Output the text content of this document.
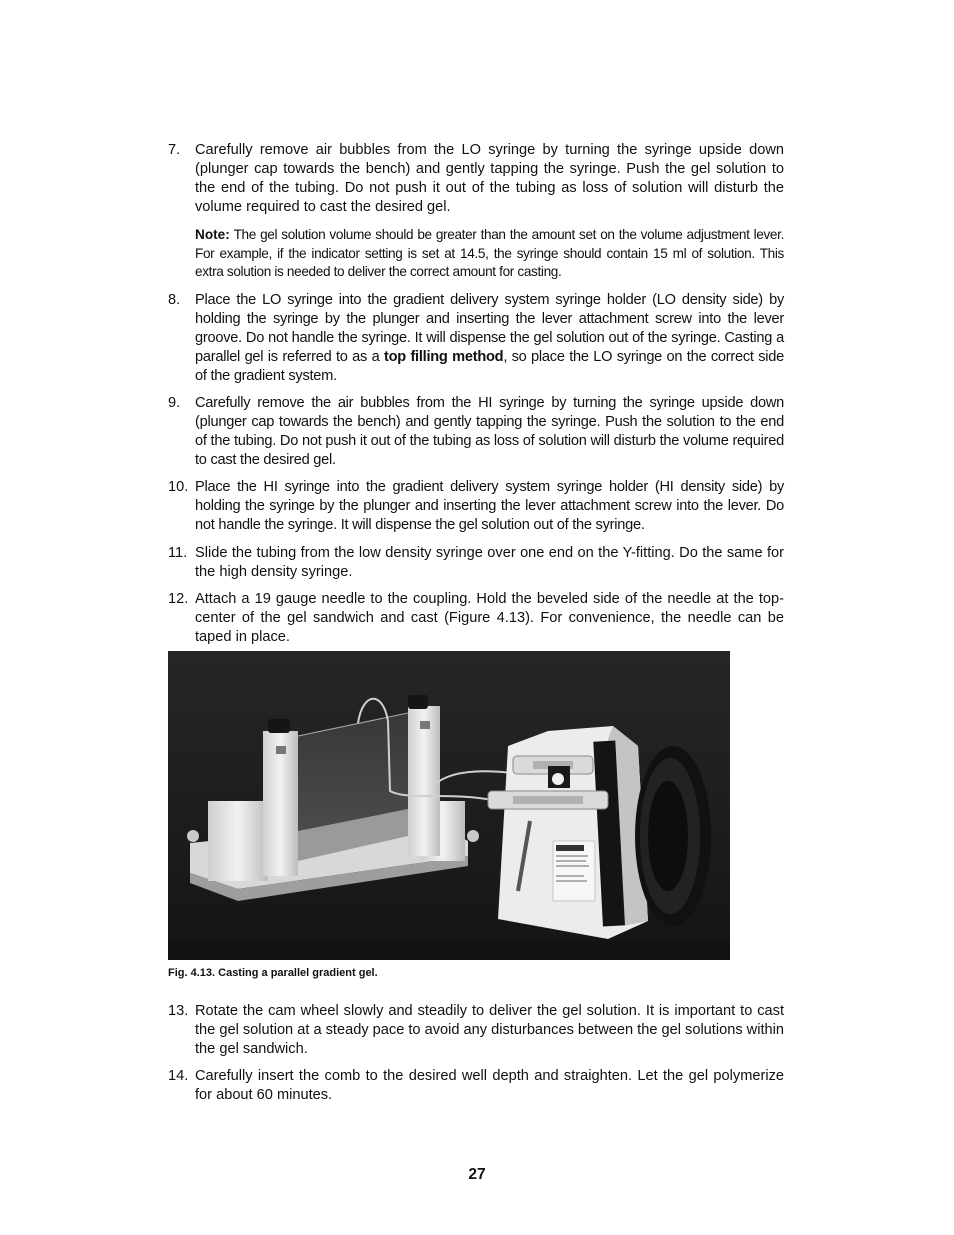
7.	Carefully remove air bubbles from the LO syringe by turning the syringe upside down (plunger cap towards the bench) and gently tapping the syringe. Push the gel solution to the end of the tubing. Do not push it out of the tubing as loss of solution will disturb the volume required to cast the desired gel.
Note: The gel solution volume should be greater than the amount set on the volume adjustment lever. For example, if the indicator setting is set at 14.5, the syringe should contain 15 ml of solution. This extra solution is needed to deliver the correct amount for casting.
8.	Place the LO syringe into the gradient delivery system syringe holder (LO density side) by holding the syringe by the plunger and inserting the lever attachment screw into the lever groove. Do not handle the syringe. It will dispense the gel solution out of the syringe. Casting a parallel gel is referred to as a top filling method, so place the LO syringe on the correct side of the gradient system.
9.	Carefully remove the air bubbles from the HI syringe by turning the syringe upside down (plunger cap towards the bench) and gently tapping the syringe. Push the solution to the end of the tubing. Do not push it out of the tubing as loss of solution will disturb the volume required to cast the desired gel.
10. Place the HI syringe into the gradient delivery system syringe holder (HI density side) by holding the syringe by the plunger and inserting the lever attachment screw into the lever. Do not handle the syringe. It will dispense the gel solution out of the syringe.
11. Slide the tubing from the low density syringe over one end on the Y-fitting. Do the same for the high density syringe.
12. Attach a 19 gauge needle to the coupling. Hold the beveled side of the needle at the top-center of the gel sandwich and cast (Figure 4.13). For convenience, the needle can be taped in place.
Fig. 4.13. Casting a parallel gradient gel.
13. Rotate the cam wheel slowly and steadily to deliver the gel solution. It is important to cast the gel solution at a steady pace to avoid any disturbances between the gel solutions within the gel sandwich.
14. Carefully insert the comb to the desired well depth and straighten. Let the gel polymerize for about 60 minutes.
27
